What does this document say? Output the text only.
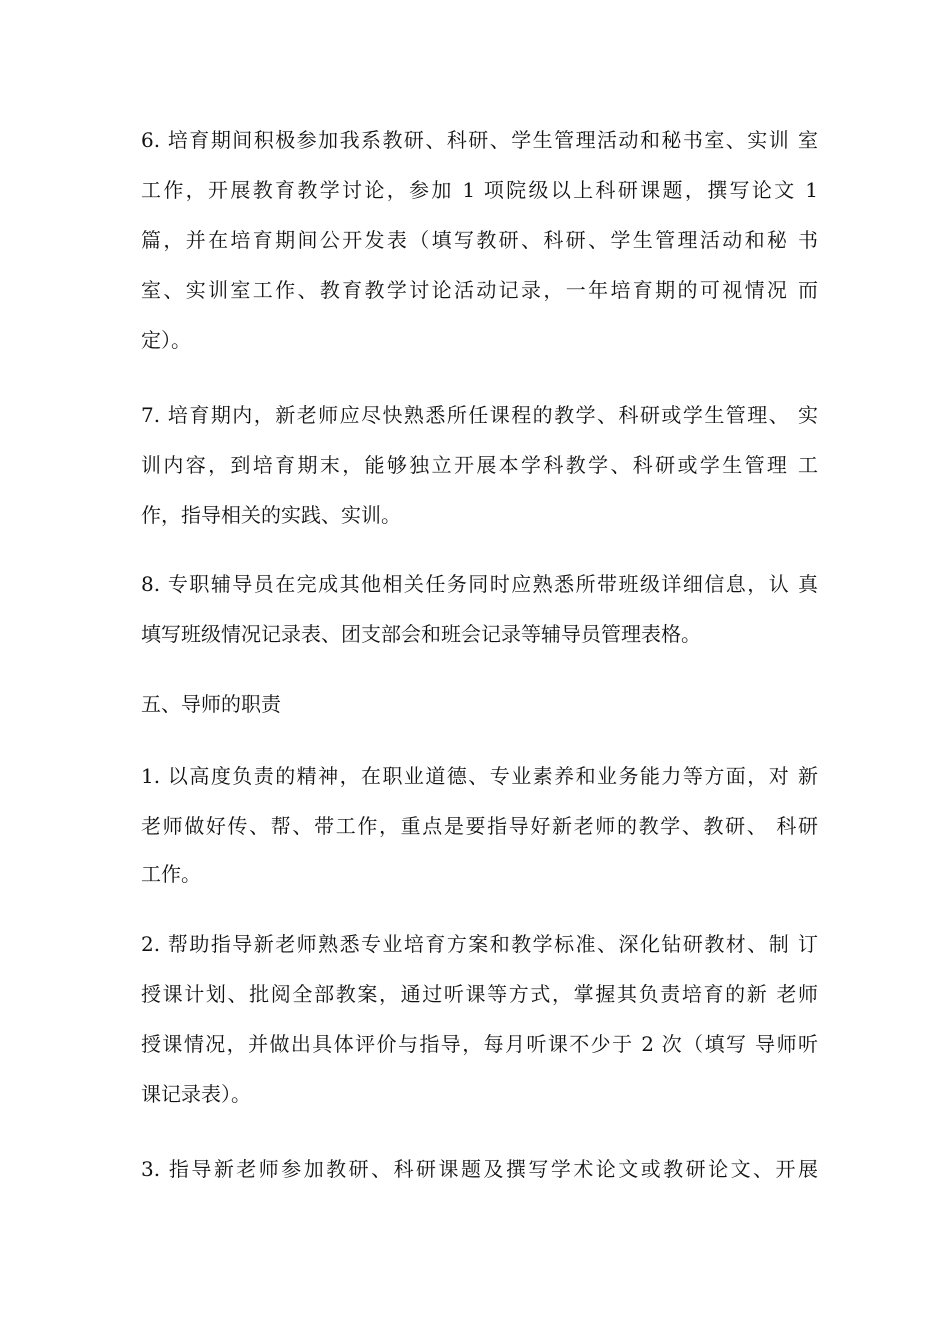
6. 培育期间积极参加我系教研、科研、学生管理活动和秘书室、实训 室
工作，开展教育教学讨论，参加 1 项院级以上科研课题，撰写论文 1
篇，并在培育期间公开发表（填写教研、科研、学生管理活动和秘 书
室、实训室工作、教育教学讨论活动记录，一年培育期的可视情况 而
定）。
7. 培育期内，新老师应尽快熟悉所任课程的教学、科研或学生管理、 实
训内容，到培育期末，能够独立开展本学科教学、科研或学生管理 工
作，指导相关的实践、实训。
8. 专职辅导员在完成其他相关任务同时应熟悉所带班级详细信息，认 真
填写班级情况记录表、团支部会和班会记录等辅导员管理表格。
五、导师的职责
1. 以高度负责的精神，在职业道德、专业素养和业务能力等方面，对 新
老师做好传、帮、带工作，重点是要指导好新老师的教学、教研、 科研
工作。
2. 帮助指导新老师熟悉专业培育方案和教学标准、深化钻研教材、制 订
授课计划、批阅全部教案，通过听课等方式，掌握其负责培育的新 老师
授课情况，并做出具体评价与指导，每月听课不少于 2 次（填写 导师听
课记录表）。
3. 指导新老师参加教研、科研课题及撰写学术论文或教研论文、开展
